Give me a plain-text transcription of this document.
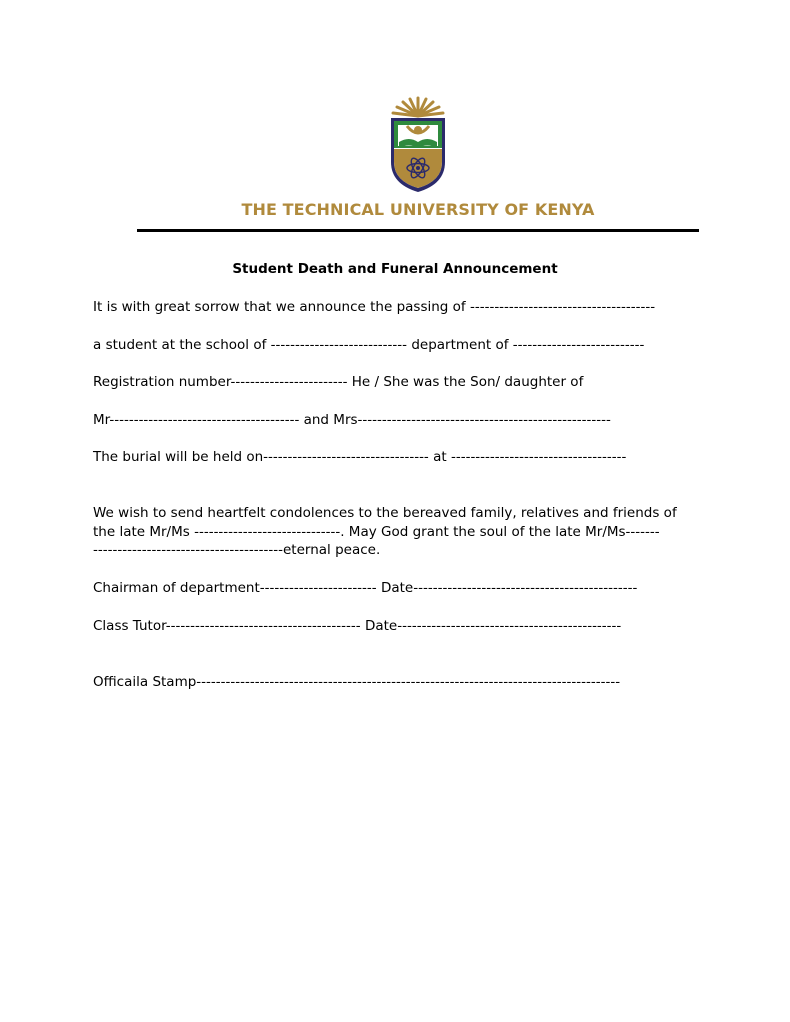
THE TECHNICAL UNIVERSITY OF KENYA
Student Death and Funeral Announcement
It is with great sorrow that we announce the passing of --------------------------------------
a student at the school of ---------------------------- department of ---------------------------
Registration number------------------------ He / She was the Son/ daughter of
Mr--------------------------------------- and Mrs----------------------------------------------------
The burial will be held on---------------------------------- at ------------------------------------
We wish to send heartfelt condolences to the bereaved family, relatives and friends of
the late Mr/Ms ------------------------------. May God grant the soul of the late Mr/Ms-------
---------------------------------------eternal peace.
Chairman of department------------------------ Date----------------------------------------------
Class Tutor---------------------------------------- Date----------------------------------------------
Officaila Stamp---------------------------------------------------------------------------------------
